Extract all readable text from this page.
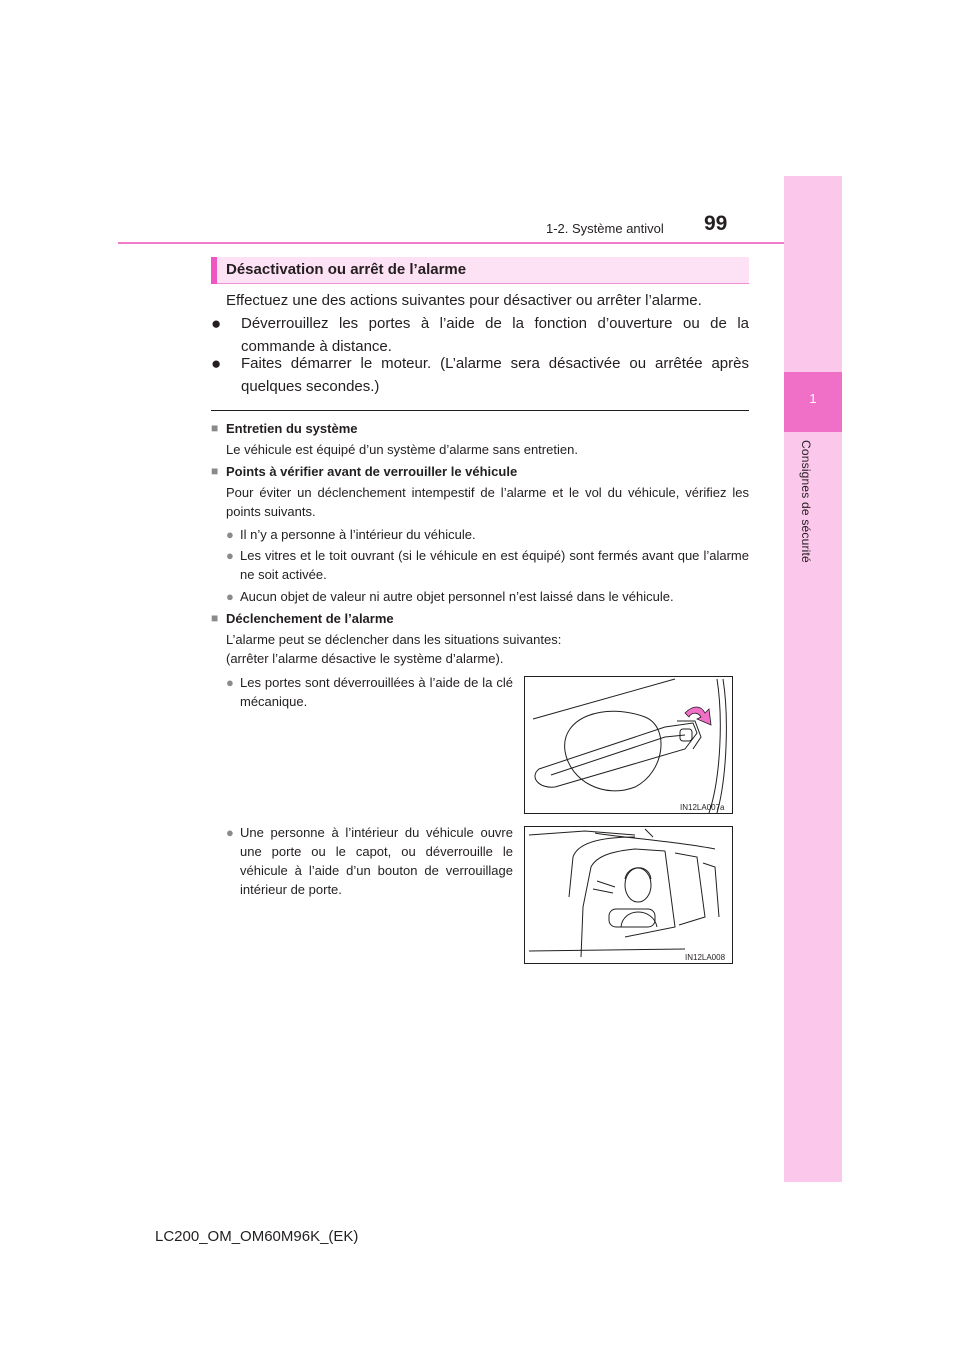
1
Consignes de sécurité
1-2. Système antivol 99
Désactivation ou arrêt de l’alarme
Effectuez une des actions suivantes pour désactiver ou arrêter l’alarme.
●	Déverrouillez les portes à l’aide de la fonction d’ouverture ou de la commande à distance.
●	Faites démarrer le moteur. (L’alarme sera désactivée ou arrêtée après quelques secondes.)
■ Entretien du système
Le véhicule est équipé d’un système d’alarme sans entretien.
■ Points à vérifier avant de verrouiller le véhicule
Pour éviter un déclenchement intempestif de l’alarme et le vol du véhicule, vérifiez les points suivants.
● Il n’y a personne à l’intérieur du véhicule.
● Les vitres et le toit ouvrant (si le véhicule en est équipé) sont fermés avant que l’alarme ne soit activée.
● Aucun objet de valeur ni autre objet personnel n’est laissé dans le véhicule.
■ Déclenchement de l’alarme
L’alarme peut se déclencher dans les situations suivantes:
(arrêter l’alarme désactive le système d’alarme).
● Les portes sont déverrouillées à l’aide de la clé mécanique.
● Une personne à l’intérieur du véhicule ouvre une porte ou le capot, ou déverrouille le véhicule à l’aide d’un bouton de verrouillage intérieur de porte.
IN12LA007a
IN12LA008
LC200_OM_OM60M96K_(EK)
